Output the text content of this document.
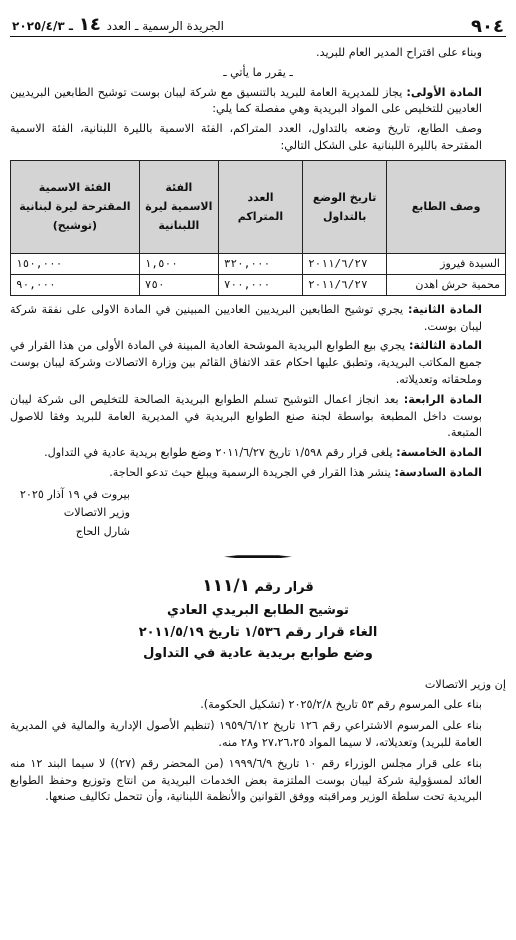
٩٠٤
الجريدة الرسمية ـ العدد ١٤ ـ ٢٠٢٥/٤/٣

وبناء على اقتراح المدير العام للبريد.

ـ يقرر ما يأتي ـ

المادة الأولى: يجاز للمديرية العامة للبريد بالتنسيق مع شركة ليبان بوست توشيح الطابعين البريديين العاديين للتخليص على المواد البريدية وهي مفصلة كما يلي:

وصف الطابع، تاريخ وضعه بالتداول، العدد المتراكم، الفئة الاسمية بالليرة اللبنانية، الفئة الاسمية المقترحة بالليرة اللبنانية على الشكل التالي:

وصف الطابع	تاريخ الوضع بالتداول	العدد المتراكم	الفئة الاسمية ليرة اللبنانية	الفئة الاسمية المقترحة ليرة لبنانية (توشيح)
السيدة فيروز	٢٠١١/٦/٢٧	٣٢٠,٠٠٠	١,٥٠٠	١٥٠,٠٠٠
محمية حرش اهدن	٢٠١١/٦/٢٧	٧٠٠,٠٠٠	٧٥٠	٩٠,٠٠٠

المادة الثانية: يجري توشيح الطابعين البريديين العاديين المبينين في المادة الاولى على نفقة شركة ليبان بوست.

المادة الثالثة: يجري بيع الطوابع البريدية الموشحة العادية المبينة في المادة الأولى من هذا القرار في جميع المكاتب البريدية، وتطبق عليها احكام عقد الاتفاق القائم بين وزارة الاتصالات وشركة ليبان بوست وملحقاته وتعديلاته.

المادة الرابعة: بعد انجاز اعمال التوشيح تسلم الطوابع البريدية الصالحة للتخليص الى شركة ليبان بوست داخل المطبعة بواسطة لجنة صنع الطوابع البريدية في المديرية العامة للبريد وفقا للاصول المتبعة.

المادة الخامسة: يلغى قرار رقم ١/٥٩٨ تاريخ ٢٠١١/٦/٢٧ وضع طوابع بريدية عادية في التداول.

المادة السادسة: ينشر هذا القرار في الجريدة الرسمية ويبلغ حيث تدعو الحاجة.

بيروت في ١٩ آذار ٢٠٢٥

وزير الاتصالات

شارل الحاج

قرار رقم ١١١/١

توشيح الطابع البريدي العادي

الغاء قرار رقم ١/٥٣٦ تاريخ ٢٠١١/٥/١٩

وضع طوابع بريدية عادية في التداول

إن وزير الاتصالات

بناء على المرسوم رقم ٥٣ تاريخ ٢٠٢٥/٢/٨ (تشكيل الحكومة).

بناء على المرسوم الاشتراعي رقم ١٢٦ تاريخ ١٩٥٩/٦/١٢ (تنظيم الأصول الإدارية والمالية في المديرية العامة للبريد) وتعديلاته، لا سيما المواد ٢٧،٢٦،٢٥ و٢٨ منه.

بناء على قرار مجلس الوزراء رقم ١٠ تاريخ ١٩٩٩/٦/٩ (من المحضر رقم (٢٧)) لا سيما البند ١٢ منه العائد لمسؤولية شركة ليبان بوست الملتزمة بعض الخدمات البريدية من انتاج وتوزيع وحفظ الطوابع البريدية تحت سلطة الوزير ومراقبته ووفق القوانين والأنظمة اللبنانية، وأن تتحمل تكاليف صنعها.
